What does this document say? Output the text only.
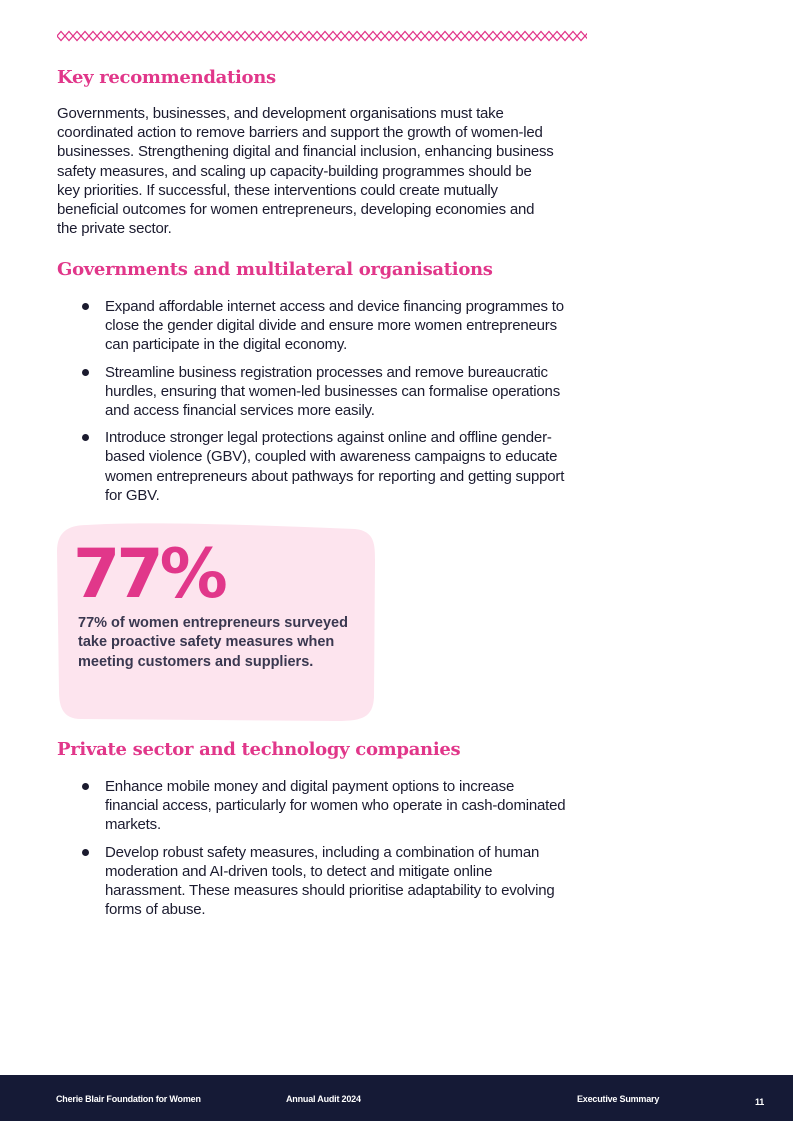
Key recommendations

Governments, businesses, and development organisations must take coordinated action to remove barriers and support the growth of women-led businesses. Strengthening digital and financial inclusion, enhancing business safety measures, and scaling up capacity-building programmes should be key priorities. If successful, these interventions could create mutually beneficial outcomes for women entrepreneurs, developing economies and the private sector.

Governments and multilateral organisations
Expand affordable internet access and device financing programmes to close the gender digital divide and ensure more women entrepreneurs can participate in the digital economy.
Streamline business registration processes and remove bureaucratic hurdles, ensuring that women-led businesses can formalise operations and access financial services more easily.
Introduce stronger legal protections against online and offline gender-based violence (GBV), coupled with awareness campaigns to educate women entrepreneurs about pathways for reporting and getting support for GBV.
Private sector and technology companies
Enhance mobile money and digital payment options to increase financial access, particularly for women who operate in cash-dominated markets.
Develop robust safety measures, including a combination of human moderation and AI-driven tools, to detect and mitigate online harassment. These measures should prioritise adaptability to evolving forms of abuse.
77%
77% of women entrepreneurs surveyed take proactive safety measures when meeting customers and suppliers.
Cherie Blair Foundation for Women	Annual Audit 2024	Executive Summary	11
